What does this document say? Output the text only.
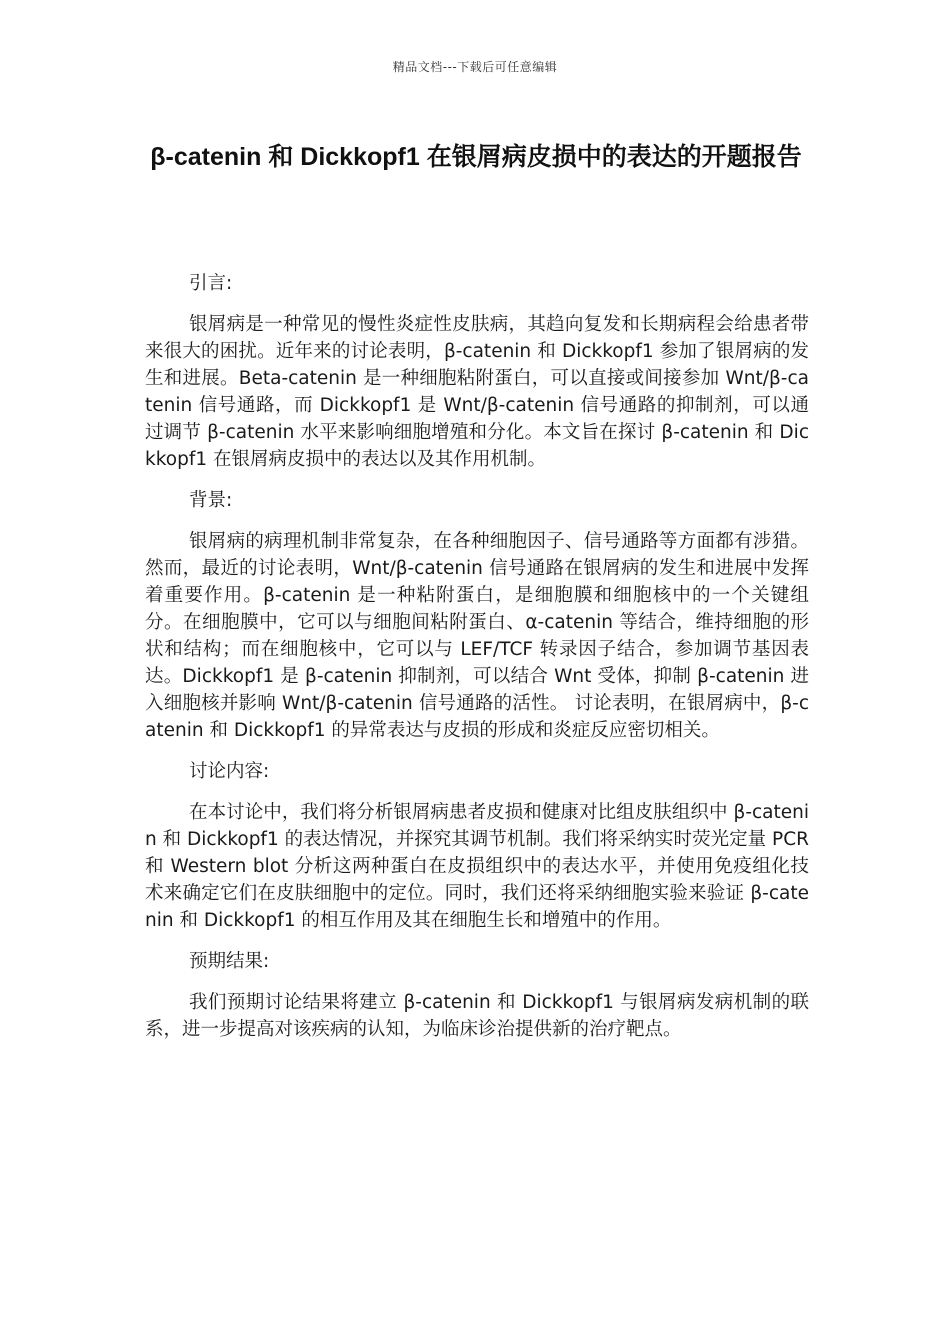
精品文档---下载后可任意编辑
β-catenin 和 Dickkopf1 在银屑病皮损中的表达的开题报告

引言:

银屑病是一种常见的慢性炎症性皮肤病，其趋向复发和长期病程会给患者带来很大的困扰。近年来的讨论表明，β-catenin 和 Dickkopf1 参加了银屑病的发生和进展。Beta-catenin 是一种细胞粘附蛋白，可以直接或间接参加 Wnt/β-catenin 信号通路，而 Dickkopf1 是 Wnt/β-catenin 信号通路的抑制剂，可以通过调节 β-catenin 水平来影响细胞增殖和分化。本文旨在探讨 β-catenin 和 Dickkopf1 在银屑病皮损中的表达以及其作用机制。

背景:

银屑病的病理机制非常复杂，在各种细胞因子、信号通路等方面都有涉猎。然而，最近的讨论表明，Wnt/β-catenin 信号通路在银屑病的发生和进展中发挥着重要作用。β-catenin 是一种粘附蛋白，是细胞膜和细胞核中的一个关键组分。在细胞膜中，它可以与细胞间粘附蛋白、α-catenin 等结合，维持细胞的形状和结构；而在细胞核中，它可以与 LEF/TCF 转录因子结合，参加调节基因表达。Dickkopf1 是 β-catenin 抑制剂，可以结合 Wnt 受体，抑制 β-catenin 进入细胞核并影响 Wnt/β-catenin 信号通路的活性。 讨论表明，在银屑病中，β-catenin 和 Dickkopf1 的异常表达与皮损的形成和炎症反应密切相关。

讨论内容:

在本讨论中，我们将分析银屑病患者皮损和健康对比组皮肤组织中 β-catenin 和 Dickkopf1 的表达情况，并探究其调节机制。我们将采纳实时荧光定量 PCR 和 Western blot 分析这两种蛋白在皮损组织中的表达水平，并使用免疫组化技术来确定它们在皮肤细胞中的定位。同时，我们还将采纳细胞实验来验证 β-catenin 和 Dickkopf1 的相互作用及其在细胞生长和增殖中的作用。

预期结果:

我们预期讨论结果将建立 β-catenin 和 Dickkopf1 与银屑病发病机制的联系，进一步提高对该疾病的认知，为临床诊治提供新的治疗靶点。
